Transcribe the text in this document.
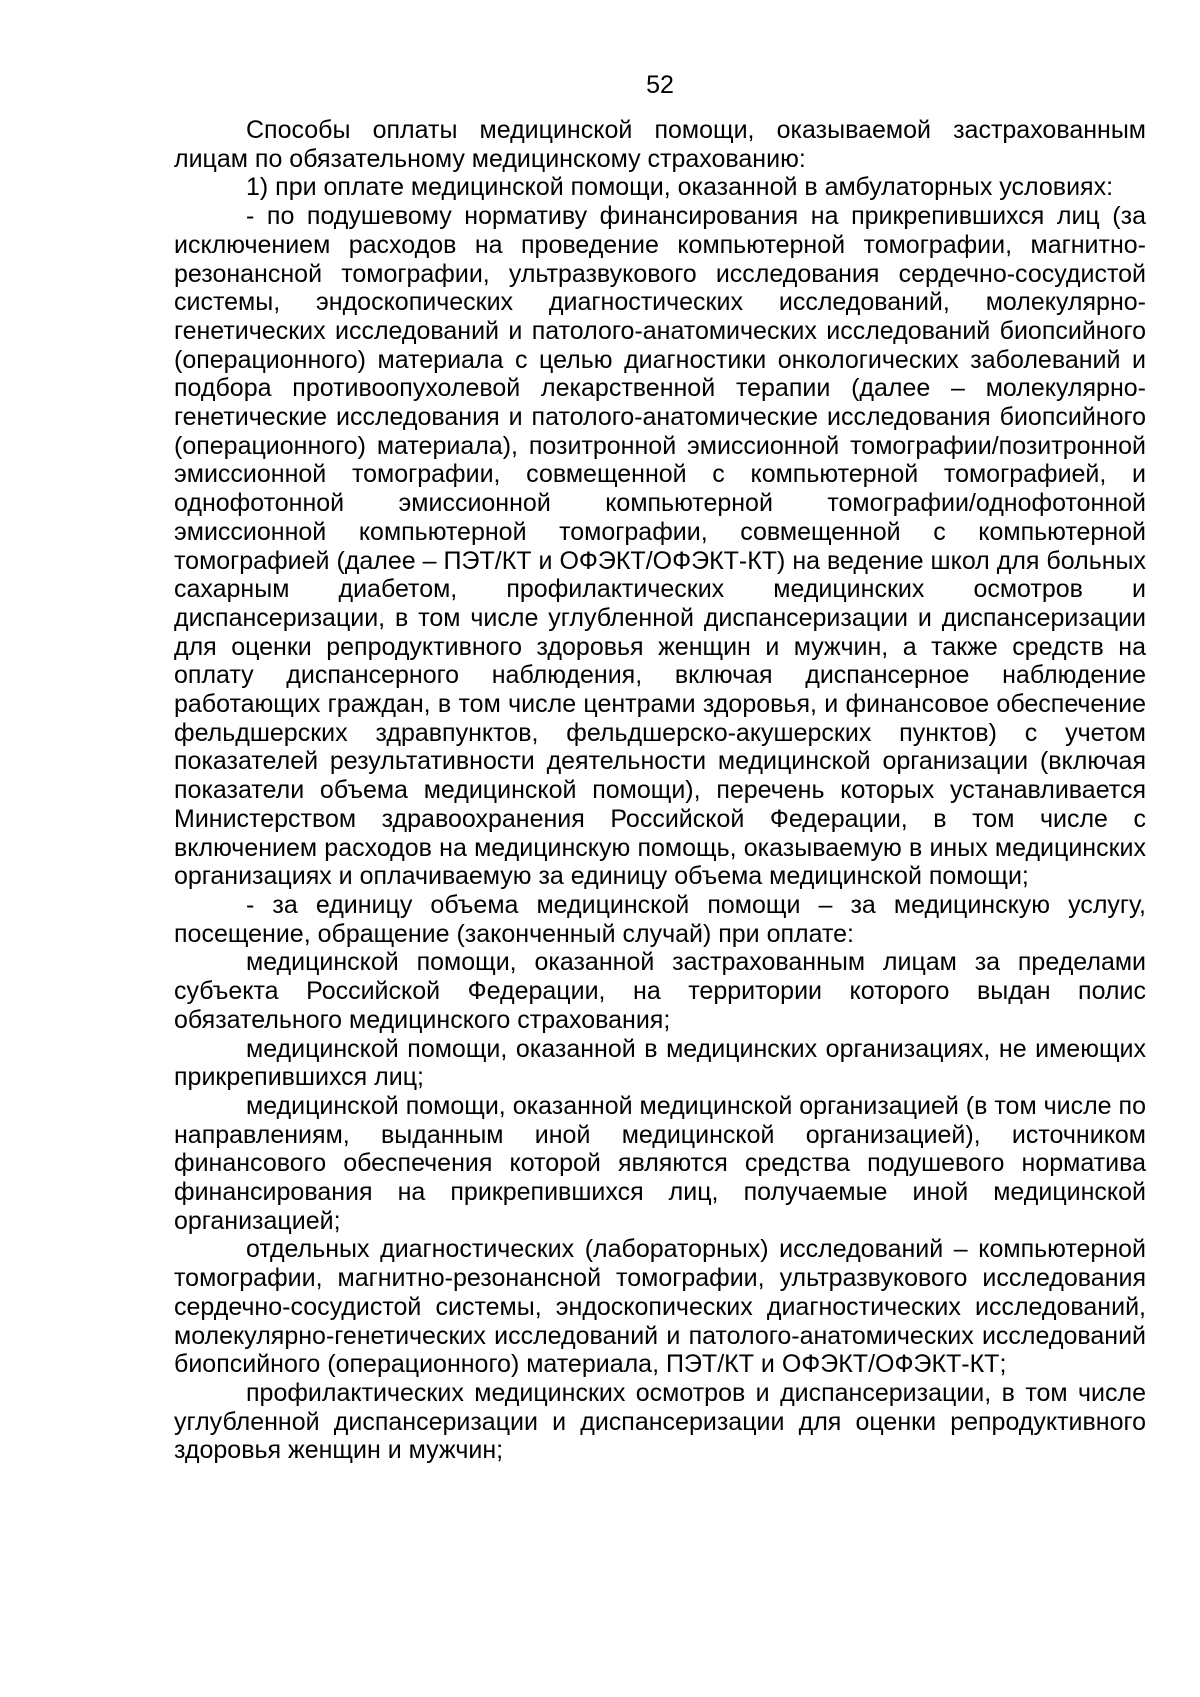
52

Способы оплаты медицинской помощи, оказываемой застрахованным лицам по обязательному медицинскому страхованию:

1) при оплате медицинской помощи, оказанной в амбулаторных условиях:

- по подушевому нормативу финансирования на прикрепившихся лиц (за исключением расходов на проведение компьютерной томографии, магнитно-резонансной томографии, ультразвукового исследования сердечно-сосудистой системы, эндоскопических диагностических исследований, молекулярно-генетических исследований и патолого-анатомических исследований биопсийного (операционного) материала с целью диагностики онкологических заболеваний и подбора противоопухолевой лекарственной терапии (далее – молекулярно-генетические исследования и патолого-анатомические исследования биопсийного (операционного) материала), позитронной эмиссионной томографии/позитронной эмиссионной томографии, совмещенной с компьютерной томографией, и однофотонной эмиссионной компьютерной томографии/однофотонной эмиссионной компьютерной томографии, совмещенной с компьютерной томографией (далее – ПЭТ/КТ и ОФЭКТ/ОФЭКТ-КТ) на ведение школ для больных сахарным диабетом, профилактических медицинских осмотров и диспансеризации, в том числе углубленной диспансеризации и диспансеризации для оценки репродуктивного здоровья женщин и мужчин, а также средств на оплату диспансерного наблюдения, включая диспансерное наблюдение работающих граждан, в том числе центрами здоровья, и финансовое обеспечение фельдшерских здравпунктов, фельдшерско-акушерских пунктов) с учетом показателей результативности деятельности медицинской организации (включая показатели объема медицинской помощи), перечень которых устанавливается Министерством здравоохранения Российской Федерации, в том числе с включением расходов на медицинскую помощь, оказываемую в иных медицинских организациях и оплачиваемую за единицу объема медицинской помощи;

- за единицу объема медицинской помощи – за медицинскую услугу, посещение, обращение (законченный случай) при оплате:

медицинской помощи, оказанной застрахованным лицам за пределами субъекта Российской Федерации, на территории которого выдан полис обязательного медицинского страхования;

медицинской помощи, оказанной в медицинских организациях, не имеющих прикрепившихся лиц;

медицинской помощи, оказанной медицинской организацией (в том числе по направлениям, выданным иной медицинской организацией), источником финансового обеспечения которой являются средства подушевого норматива финансирования на прикрепившихся лиц, получаемые иной медицинской организацией;

отдельных диагностических (лабораторных) исследований – компьютерной томографии, магнитно-резонансной томографии, ультразвукового исследования сердечно-сосудистой системы, эндоскопических диагностических исследований, молекулярно-генетических исследований и патолого-анатомических исследований биопсийного (операционного) материала, ПЭТ/КТ и ОФЭКТ/ОФЭКТ-КТ;

профилактических медицинских осмотров и диспансеризации, в том числе углубленной диспансеризации и диспансеризации для оценки репродуктивного здоровья женщин и мужчин;
